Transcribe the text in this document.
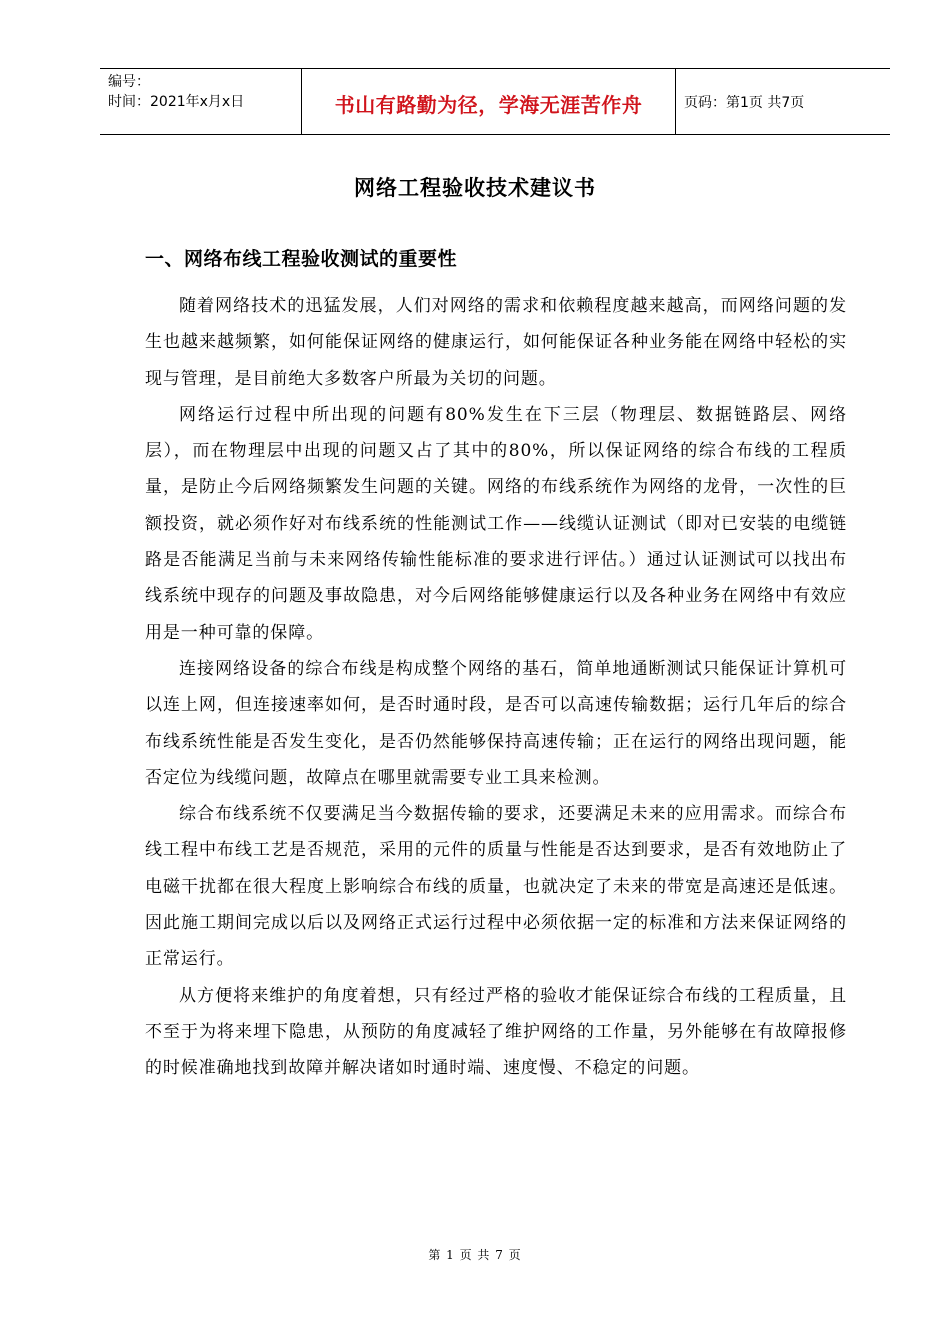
编号：
时间：2021年x月x日	书山有路勤为径，学海无涯苦作舟	页码：第1页 共7页
网络工程验收技术建议书
一、网络布线工程验收测试的重要性

随着网络技术的迅猛发展，人们对网络的需求和依赖程度越来越高，而网络问题的发生也越来越频繁，如何能保证网络的健康运行，如何能保证各种业务能在网络中轻松的实现与管理，是目前绝大多数客户所最为关切的问题。

网络运行过程中所出现的问题有80%发生在下三层（物理层、数据链路层、网络层），而在物理层中出现的问题又占了其中的80%，所以保证网络的综合布线的工程质量，是防止今后网络频繁发生问题的关键。网络的布线系统作为网络的龙骨，一次性的巨额投资，就必须作好对布线系统的性能测试工作——线缆认证测试（即对已安装的电缆链路是否能满足当前与未来网络传输性能标准的要求进行评估。）通过认证测试可以找出布线系统中现存的问题及事故隐患，对今后网络能够健康运行以及各种业务在网络中有效应用是一种可靠的保障。

连接网络设备的综合布线是构成整个网络的基石，简单地通断测试只能保证计算机可以连上网，但连接速率如何，是否时通时段，是否可以高速传输数据；运行几年后的综合布线系统性能是否发生变化，是否仍然能够保持高速传输；正在运行的网络出现问题，能否定位为线缆问题，故障点在哪里就需要专业工具来检测。

综合布线系统不仅要满足当今数据传输的要求，还要满足未来的应用需求。而综合布线工程中布线工艺是否规范，采用的元件的质量与性能是否达到要求，是否有效地防止了电磁干扰都在很大程度上影响综合布线的质量，也就决定了未来的带宽是高速还是低速。因此施工期间完成以后以及网络正式运行过程中必须依据一定的标准和方法来保证网络的正常运行。

从方便将来维护的角度着想，只有经过严格的验收才能保证综合布线的工程质量，且不至于为将来埋下隐患，从预防的角度减轻了维护网络的工作量，另外能够在有故障报修的时候准确地找到故障并解决诸如时通时端、速度慢、不稳定的问题。

第 1 页 共 7 页
